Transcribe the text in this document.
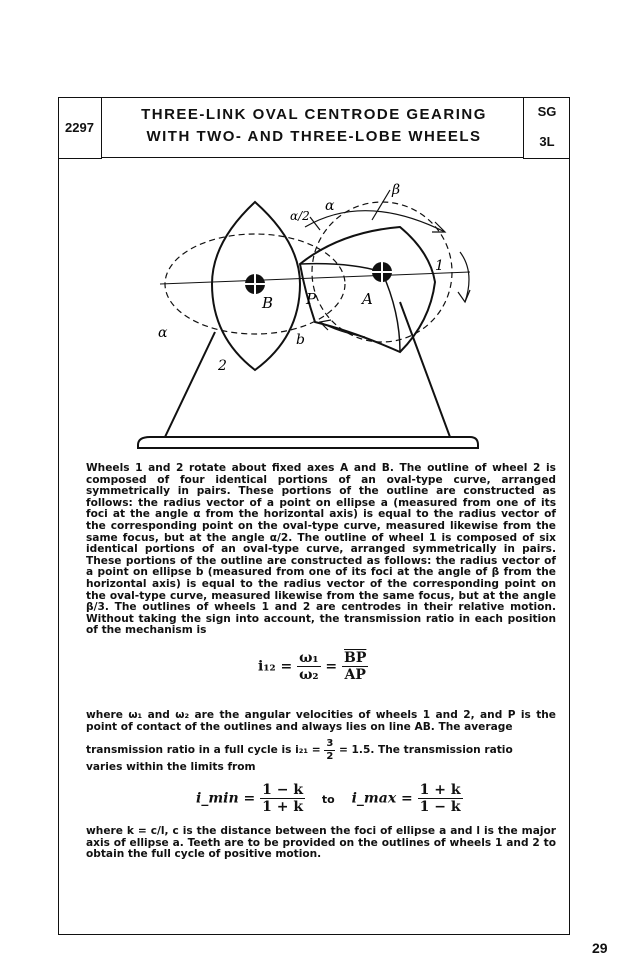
2297
SG
3L
THREE-LINK OVAL CENTRODE GEARING
WITH TWO- AND THREE-LOBE WHEELS
β
α
α/2
α	b
B P	A
1
2
Wheels 1 and 2 rotate about fixed axes A and B. The outline of wheel 2 is composed of four identical portions of an oval-type curve, arranged symmetrically in pairs. These portions of the outline are constructed as follows: the radius vector of a point on ellipse a (measured from one of its foci at the angle α from the horizontal axis) is equal to the radius vector of the corresponding point on the oval-type curve, measured likewise from the same focus, but at the angle α/2. The outline of wheel 1 is composed of six identical portions of an oval-type curve, arranged symmetrically in pairs. These portions of the outline are constructed as follows: the radius vector of a point on ellipse b (measured from one of its foci at the angle of β from the horizontal axis) is equal to the radius vector of the corresponding point on the oval-type curve, measured likewise from the same focus, but at the angle β/3. The outlines of wheels 1 and 2 are centrodes in their relative motion. Without taking the sign into account, the transmission ratio in each position of the mechanism is
$i_{12} = \frac{\text{ω₁}}{\text{ω₂}} = \frac{\overline{BP}}{AP}$
where ω₁ and ω₂ are the angular velocities of wheels 1 and 2, and P is the point of contact of the outlines and always lies on line AB. The average
transmission ratio in a full cycle is $i_{21} = \frac{3}{2} = 1.5$. The transmission ratio
varies within the limits from
i_min = $\frac{1 - k}{1 + k}$ to i_max = $\frac{1 + k}{1 - k}$
where k = c/l, c is the distance between the foci of ellipse a and l is the major axis of ellipse a. Teeth are to be provided on the outlines of wheels 1 and 2 to obtain the full cycle of positive motion.
29
